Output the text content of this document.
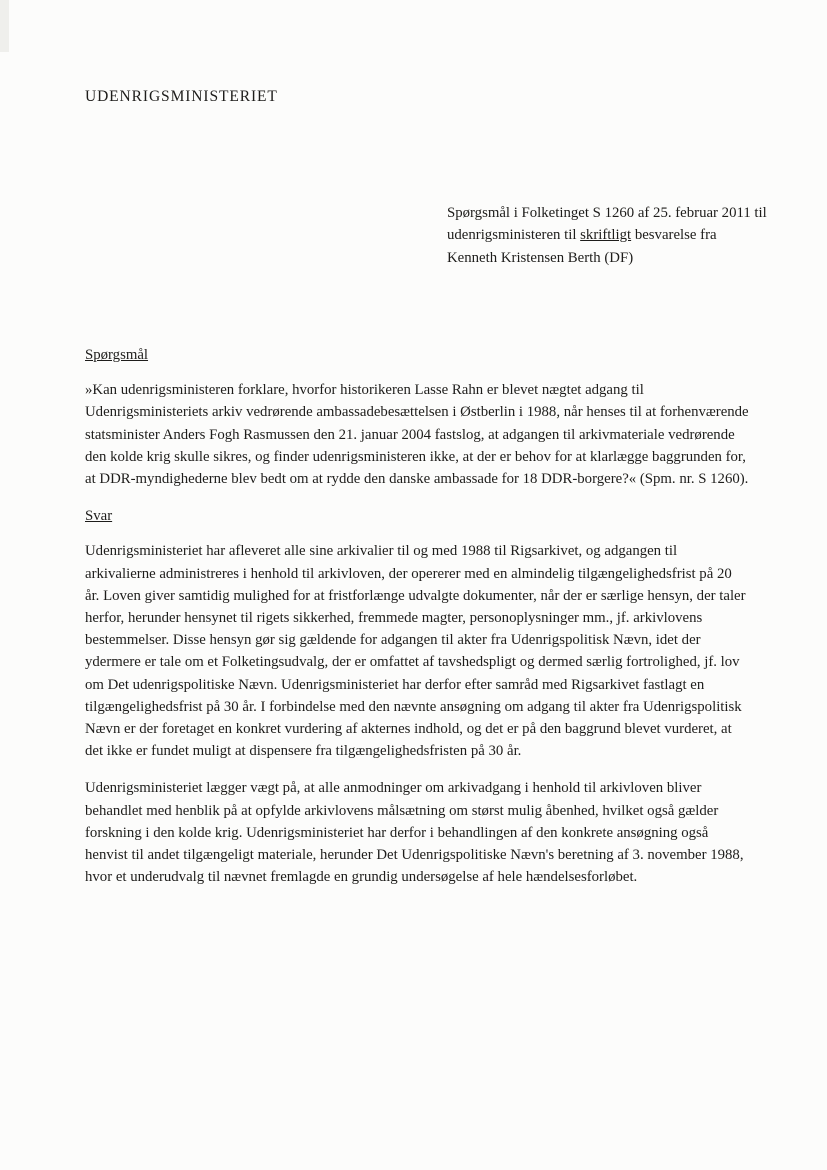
UDENRIGSMINISTERIET
Spørgsmål i Folketinget S 1260 af 25. februar 2011 til udenrigsministeren til skriftligt besvarelse fra Kenneth Kristensen Berth (DF)
Spørgsmål

»Kan udenrigsministeren forklare, hvorfor historikeren Lasse Rahn er blevet nægtet adgang til Udenrigsministeriets arkiv vedrørende ambassadebesættelsen i Østberlin i 1988, når henses til at forhenværende statsminister Anders Fogh Rasmussen den 21. januar 2004 fastslog, at adgangen til arkivmateriale vedrørende den kolde krig skulle sikres, og finder udenrigsministeren ikke, at der er behov for at klarlægge baggrunden for, at DDR-myndighederne blev bedt om at rydde den danske ambassade for 18 DDR-borgere?« (Spm. nr. S 1260).

Svar

Udenrigsministeriet har afleveret alle sine arkivalier til og med 1988 til Rigsarkivet, og adgangen til arkivalierne administreres i henhold til arkivloven, der opererer med en almindelig tilgængelighedsfrist på 20 år. Loven giver samtidig mulighed for at fristforlænge udvalgte dokumenter, når der er særlige hensyn, der taler herfor, herunder hensynet til rigets sikkerhed, fremmede magter, personoplysninger mm., jf. arkivlovens bestemmelser. Disse hensyn gør sig gældende for adgangen til akter fra Udenrigspolitisk Nævn, idet der ydermere er tale om et Folketingsudvalg, der er omfattet af tavshedspligt og dermed særlig fortrolighed, jf. lov om Det udenrigspolitiske Nævn. Udenrigsministeriet har derfor efter samråd med Rigsarkivet fastlagt en tilgængelighedsfrist på 30 år. I forbindelse med den nævnte ansøgning om adgang til akter fra Udenrigspolitisk Nævn er der foretaget en konkret vurdering af akternes indhold, og det er på den baggrund blevet vurderet, at det ikke er fundet muligt at dispensere fra tilgængelighedsfristen på 30 år.

Udenrigsministeriet lægger vægt på, at alle anmodninger om arkivadgang i henhold til arkivloven bliver behandlet med henblik på at opfylde arkivlovens målsætning om størst mulig åbenhed, hvilket også gælder forskning i den kolde krig. Udenrigsministeriet har derfor i behandlingen af den konkrete ansøgning også henvist til andet tilgængeligt materiale, herunder Det Udenrigspolitiske Nævn's beretning af 3. november 1988, hvor et underudvalg til nævnet fremlagde en grundig undersøgelse af hele hændelsesforløbet.
